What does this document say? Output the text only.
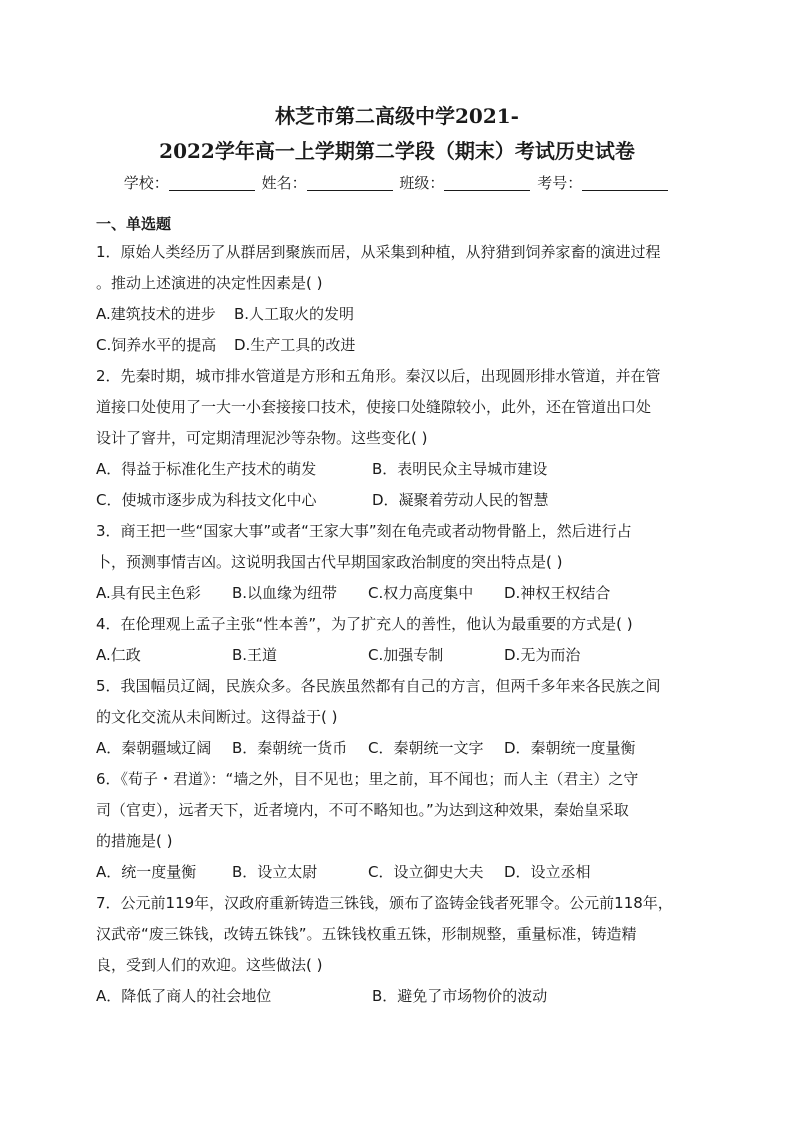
林芝市第二高级中学2021-
2022学年高一上学期第二学段（期末）考试历史试卷
学校：	姓名：	班级：	考号：
一、单选题
1．原始人类经历了从群居到聚族而居，从采集到种植，从狩猎到饲养家畜的演进过程
。推动上述演进的决定性因素是( )
A.建筑技术的进步	B.人工取火的发明
C.饲养水平的提高	D.生产工具的改进
2．先秦时期，城市排水管道是方形和五角形。秦汉以后，出现圆形排水管道，并在管
道接口处使用了一大一小套接接口技术，使接口处缝隙较小，此外，还在管道出口处
设计了窨井，可定期清理泥沙等杂物。这些变化( )
A．得益于标准化生产技术的萌发	B．表明民众主导城市建设
C．使城市逐步成为科技文化中心	D．凝聚着劳动人民的智慧
3．商王把一些“国家大事”或者“王家大事”刻在龟壳或者动物骨骼上，然后进行占
卜，预测事情吉凶。这说明我国古代早期国家政治制度的突出特点是( )
A.具有民主色彩	B.以血缘为纽带	C.权力高度集中	D.神权王权结合
4．在伦理观上孟子主张“性本善”，为了扩充人的善性，他认为最重要的方式是( )
A.仁政	B.王道	C.加强专制	D.无为而治
5．我国幅员辽阔，民族众多。各民族虽然都有自己的方言，但两千多年来各民族之间
的文化交流从未间断过。这得益于( )
A．秦朝疆域辽阔	B．秦朝统一货币	C．秦朝统一文字	D．秦朝统一度量衡
6．《荀子・君道》：“墙之外，目不见也；里之前，耳不闻也；而人主（君主）之守
司（官吏），远者天下，近者境内，不可不略知也。”为达到这种效果，秦始皇采取
的措施是( )
A．统一度量衡	B．设立太尉	C．设立御史大夫	D．设立丞相
7．公元前119年，汉政府重新铸造三铢钱，颁布了盗铸金钱者死罪令。公元前118年，
汉武帝“废三铢钱，改铸五铢钱”。五铢钱枚重五铢，形制规整，重量标准，铸造精
良，受到人们的欢迎。这些做法( )
A．降低了商人的社会地位	B．避免了市场物价的波动
